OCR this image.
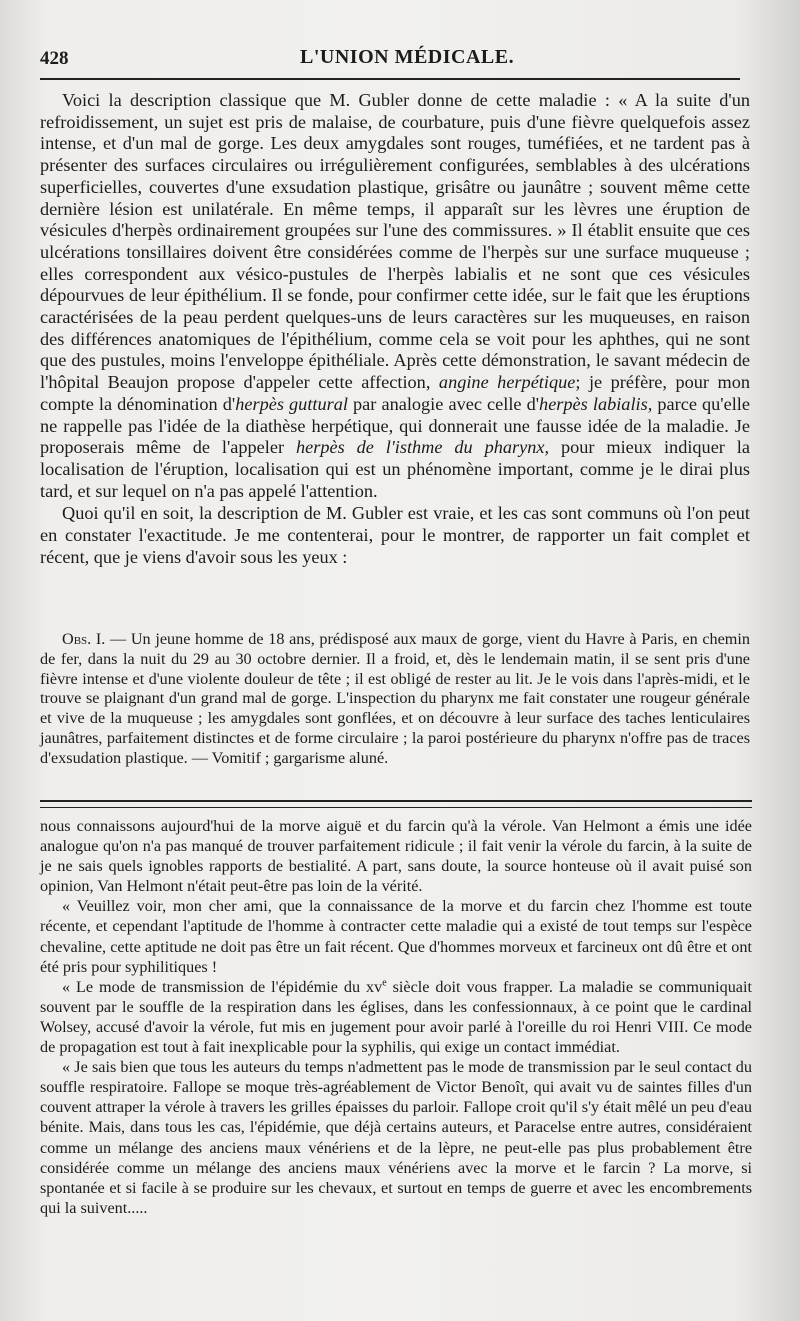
428	L'UNION MÉDICALE.

Voici la description classique que M. Gubler donne de cette maladie : « A la suite d'un refroidissement, un sujet est pris de malaise, de courbature, puis d'une fièvre quelquefois assez intense, et d'un mal de gorge. Les deux amygdales sont rouges, tuméfiées, et ne tardent pas à présenter des surfaces circulaires ou irrégulièrement configurées, semblables à des ulcérations superficielles, couvertes d'une exsudation plastique, grisâtre ou jaunâtre ; souvent même cette dernière lésion est unilatérale. En même temps, il apparaît sur les lèvres une éruption de vésicules d'herpès ordinairement groupées sur l'une des commissures. » Il établit ensuite que ces ulcérations tonsillaires doivent être considérées comme de l'herpès sur une surface muqueuse ; elles correspondent aux vésico-pustules de l'herpès labialis et ne sont que ces vésicules dépourvues de leur épithélium. Il se fonde, pour confirmer cette idée, sur le fait que les éruptions caractérisées de la peau perdent quelques-uns de leurs caractères sur les muqueuses, en raison des différences anatomiques de l'épithélium, comme cela se voit pour les aphthes, qui ne sont que des pustules, moins l'enveloppe épithéliale. Après cette démonstration, le savant médecin de l'hôpital Beaujon propose d'appeler cette affection, angine herpétique; je préfère, pour mon compte la dénomination d'herpès guttural par analogie avec celle d'herpès labialis, parce qu'elle ne rappelle pas l'idée de la diathèse herpétique, qui donnerait une fausse idée de la maladie. Je proposerais même de l'appeler herpès de l'isthme du pharynx, pour mieux indiquer la localisation de l'éruption, localisation qui est un phénomène important, comme je le dirai plus tard, et sur lequel on n'a pas appelé l'attention.

Quoi qu'il en soit, la description de M. Gubler est vraie, et les cas sont communs où l'on peut en constater l'exactitude. Je me contenterai, pour le montrer, de rapporter un fait complet et récent, que je viens d'avoir sous les yeux :

Obs. I. — Un jeune homme de 18 ans, prédisposé aux maux de gorge, vient du Havre à Paris, en chemin de fer, dans la nuit du 29 au 30 octobre dernier. Il a froid, et, dès le lendemain matin, il se sent pris d'une fièvre intense et d'une violente douleur de tête ; il est obligé de rester au lit. Je le vois dans l'après-midi, et le trouve se plaignant d'un grand mal de gorge. L'inspection du pharynx me fait constater une rougeur générale et vive de la muqueuse ; les amygdales sont gonflées, et on découvre à leur surface des taches lenticulaires jaunâtres, parfaitement distinctes et de forme circulaire ; la paroi postérieure du pharynx n'offre pas de traces d'exsudation plastique. — Vomitif ; gargarisme aluné.

nous connaissons aujourd'hui de la morve aiguë et du farcin qu'à la vérole. Van Helmont a émis une idée analogue qu'on n'a pas manqué de trouver parfaitement ridicule ; il fait venir la vérole du farcin, à la suite de je ne sais quels ignobles rapports de bestialité. A part, sans doute, la source honteuse où il avait puisé son opinion, Van Helmont n'était peut-être pas loin de la vérité.

« Veuillez voir, mon cher ami, que la connaissance de la morve et du farcin chez l'homme est toute récente, et cependant l'aptitude de l'homme à contracter cette maladie qui a existé de tout temps sur l'espèce chevaline, cette aptitude ne doit pas être un fait récent. Que d'hommes morveux et farcineux ont dû être et ont été pris pour syphilitiques !

« Le mode de transmission de l'épidémie du $xv^e$ siècle doit vous frapper. La maladie se communiquait souvent par le souffle de la respiration dans les églises, dans les confessionnaux, à ce point que le cardinal Wolsey, accusé d'avoir la vérole, fut mis en jugement pour avoir parlé à l'oreille du roi Henri VIII. Ce mode de propagation est tout à fait inexplicable pour la syphilis, qui exige un contact immédiat.

« Je sais bien que tous les auteurs du temps n'admettent pas le mode de transmission par le seul contact du souffle respiratoire. Fallope se moque très-agréablement de Victor Benoît, qui avait vu de saintes filles d'un couvent attraper la vérole à travers les grilles épaisses du parloir. Fallope croit qu'il s'y était mêlé un peu d'eau bénite. Mais, dans tous les cas, l'épidémie, que déjà certains auteurs, et Paracelse entre autres, considéraient comme un mélange des anciens maux vénériens et de la lèpre, ne peut-elle pas plus probablement être considérée comme un mélange des anciens maux vénériens avec la morve et le farcin ? La morve, si spontanée et si facile à se produire sur les chevaux, et surtout en temps de guerre et avec les encombrements qui la suivent.....
